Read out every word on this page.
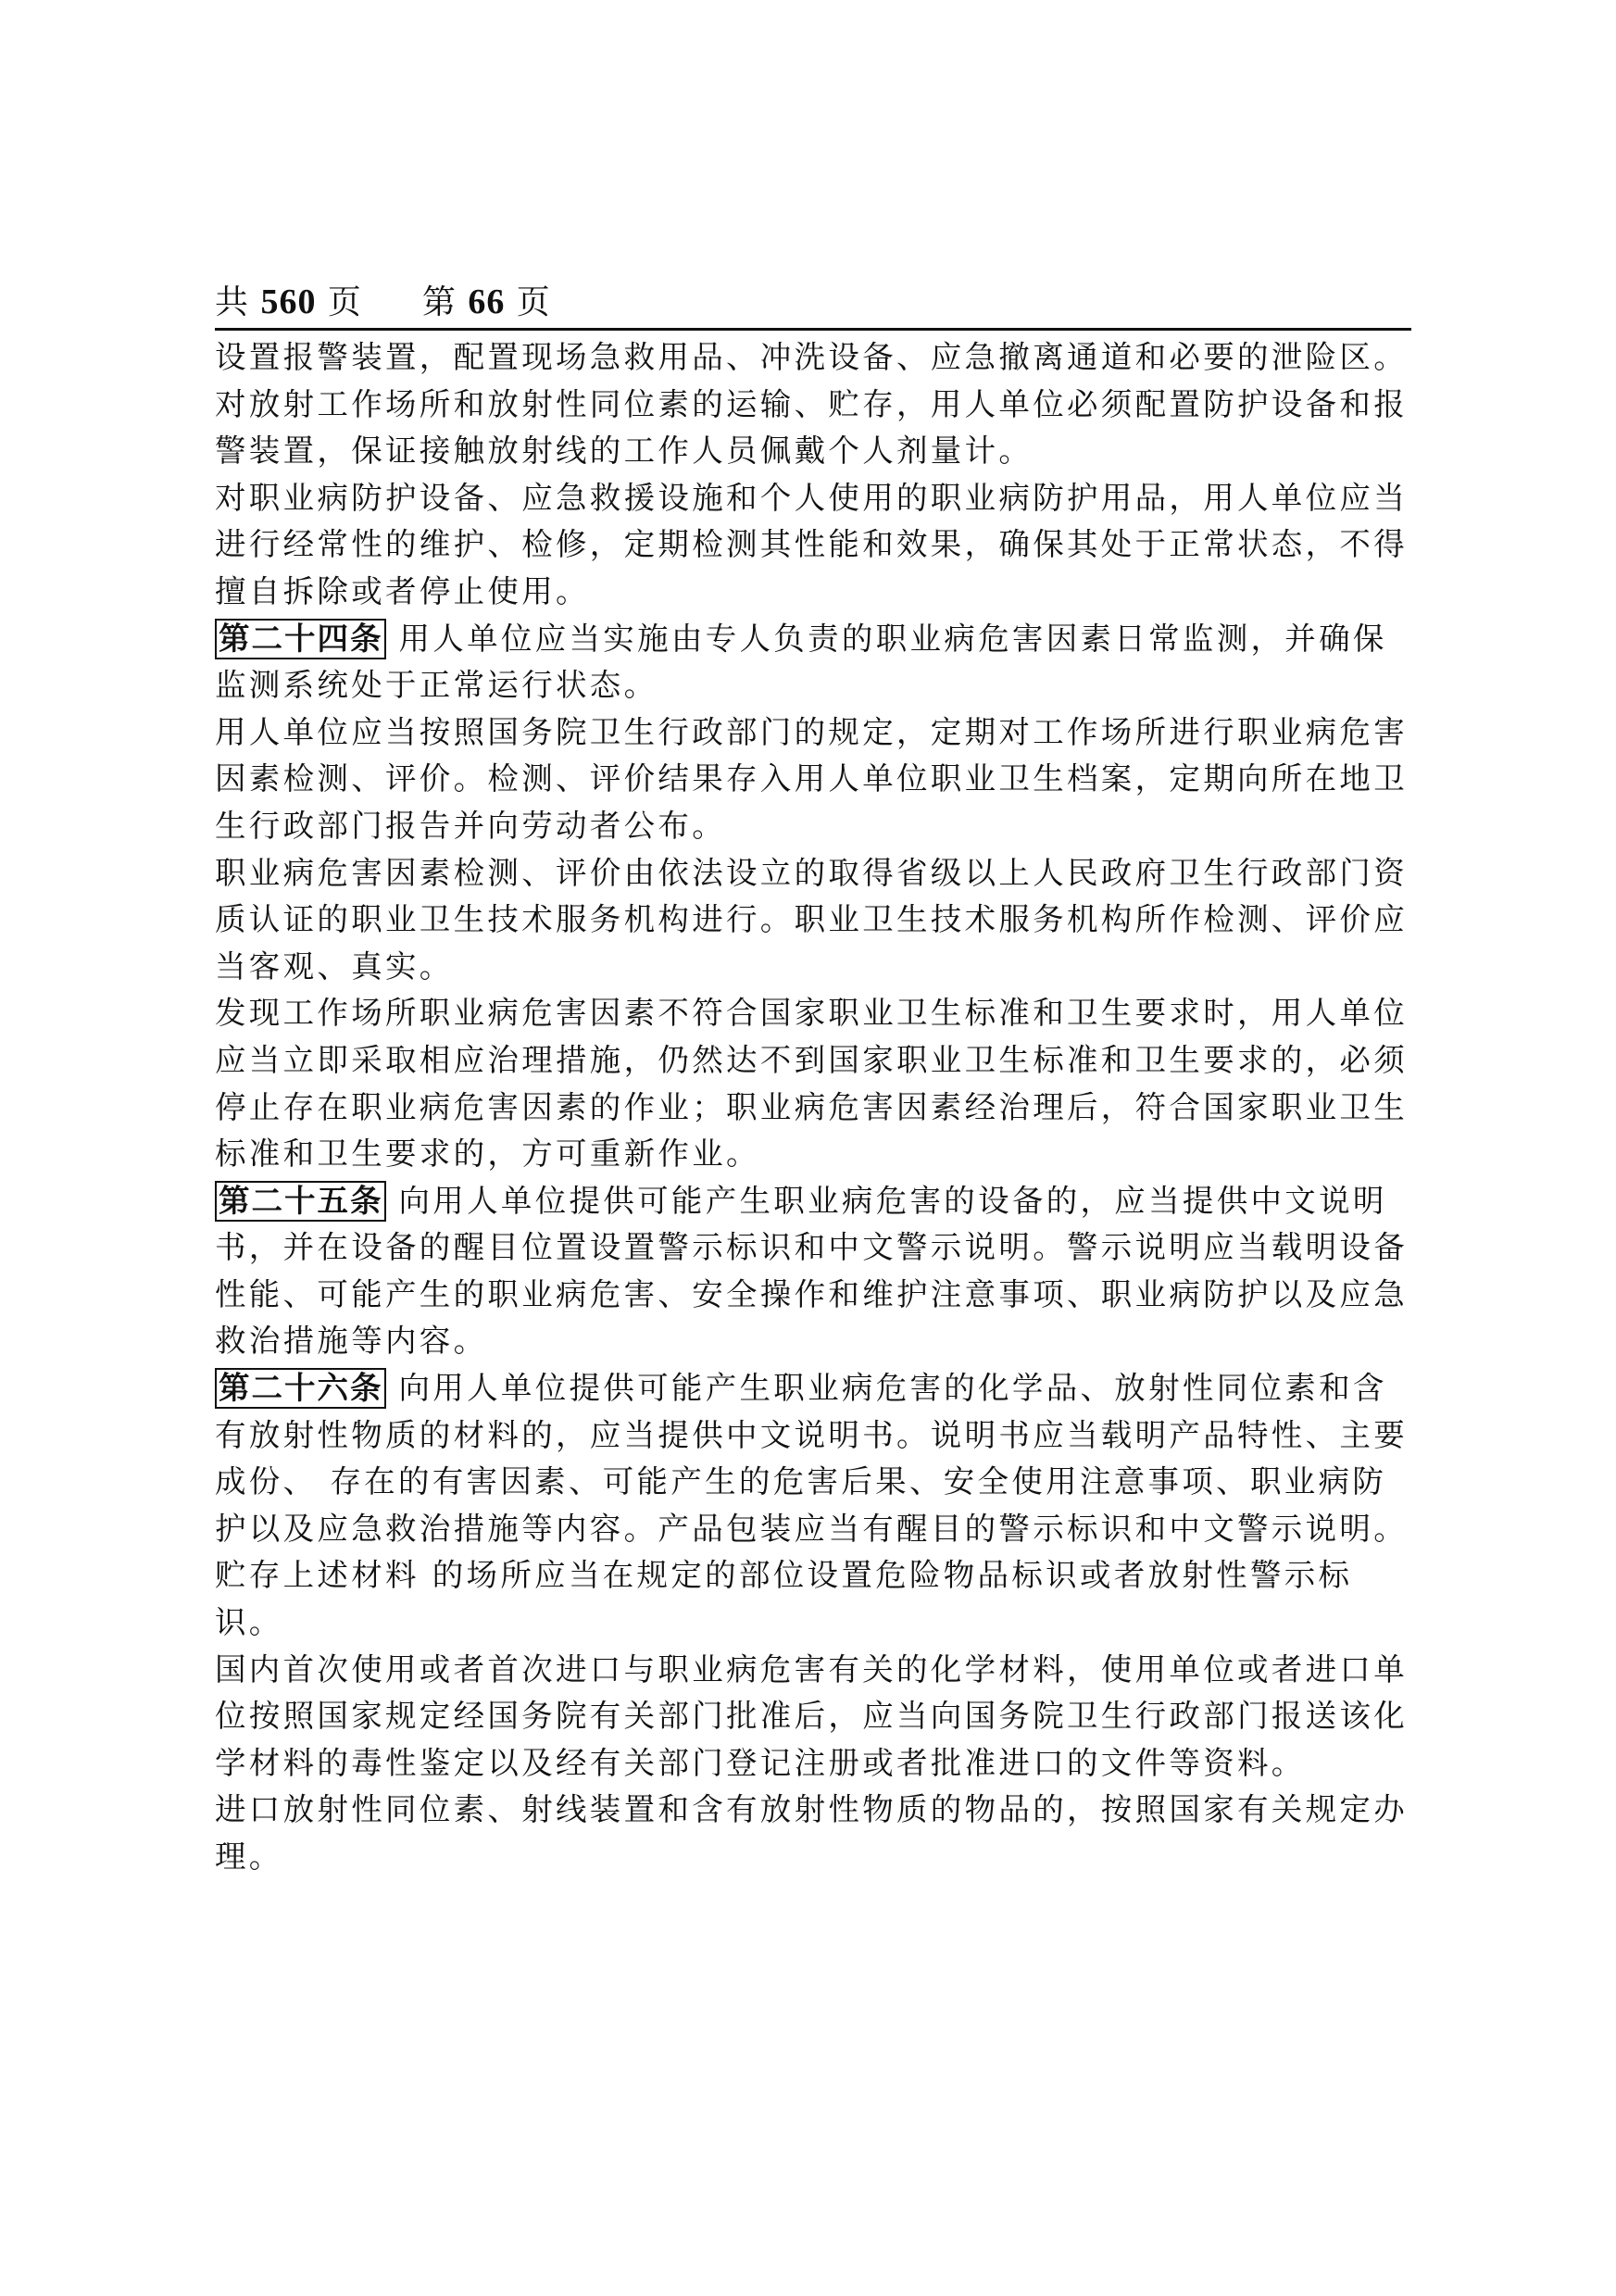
共 560 页 第 66 页

设置报警装置，配置现场急救用品、冲洗设备、应急撤离通道和必要的泄险区。

对放射工作场所和放射性同位素的运输、贮存，用人单位必须配置防护设备和报警装置，保证接触放射线的工作人员佩戴个人剂量计。

对职业病防护设备、应急救援设施和个人使用的职业病防护用品，用人单位应当进行经常性的维护、检修，定期检测其性能和效果，确保其处于正常状态，不得擅自拆除或者停止使用。

第二十四条 用人单位应当实施由专人负责的职业病危害因素日常监测，并确保监测系统处于正常运行状态。

用人单位应当按照国务院卫生行政部门的规定，定期对工作场所进行职业病危害因素检测、评价。检测、评价结果存入用人单位职业卫生档案，定期向所在地卫生行政部门报告并向劳动者公布。

职业病危害因素检测、评价由依法设立的取得省级以上人民政府卫生行政部门资质认证的职业卫生技术服务机构进行。职业卫生技术服务机构所作检测、评价应当客观、真实。

发现工作场所职业病危害因素不符合国家职业卫生标准和卫生要求时，用人单位应当立即采取相应治理措施，仍然达不到国家职业卫生标准和卫生要求的，必须停止存在职业病危害因素的作业；职业病危害因素经治理后，符合国家职业卫生标准和卫生要求的，方可重新作业。

第二十五条 向用人单位提供可能产生职业病危害的设备的，应当提供中文说明书，并在设备的醒目位置设置警示标识和中文警示说明。警示说明应当载明设备性能、可能产生的职业病危害、安全操作和维护注意事项、职业病防护以及应急救治措施等内容。

第二十六条 向用人单位提供可能产生职业病危害的化学品、放射性同位素和含有放射性物质的材料的，应当提供中文说明书。说明书应当载明产品特性、主要成份、 存在的有害因素、可能产生的危害后果、安全使用注意事项、职业病防护以及应急救治措施等内容。产品包装应当有醒目的警示标识和中文警示说明。贮存上述材料 的场所应当在规定的部位设置危险物品标识或者放射性警示标识。

国内首次使用或者首次进口与职业病危害有关的化学材料，使用单位或者进口单位按照国家规定经国务院有关部门批准后，应当向国务院卫生行政部门报送该化学材料的毒性鉴定以及经有关部门登记注册或者批准进口的文件等资料。

进口放射性同位素、射线装置和含有放射性物质的物品的，按照国家有关规定办理。
